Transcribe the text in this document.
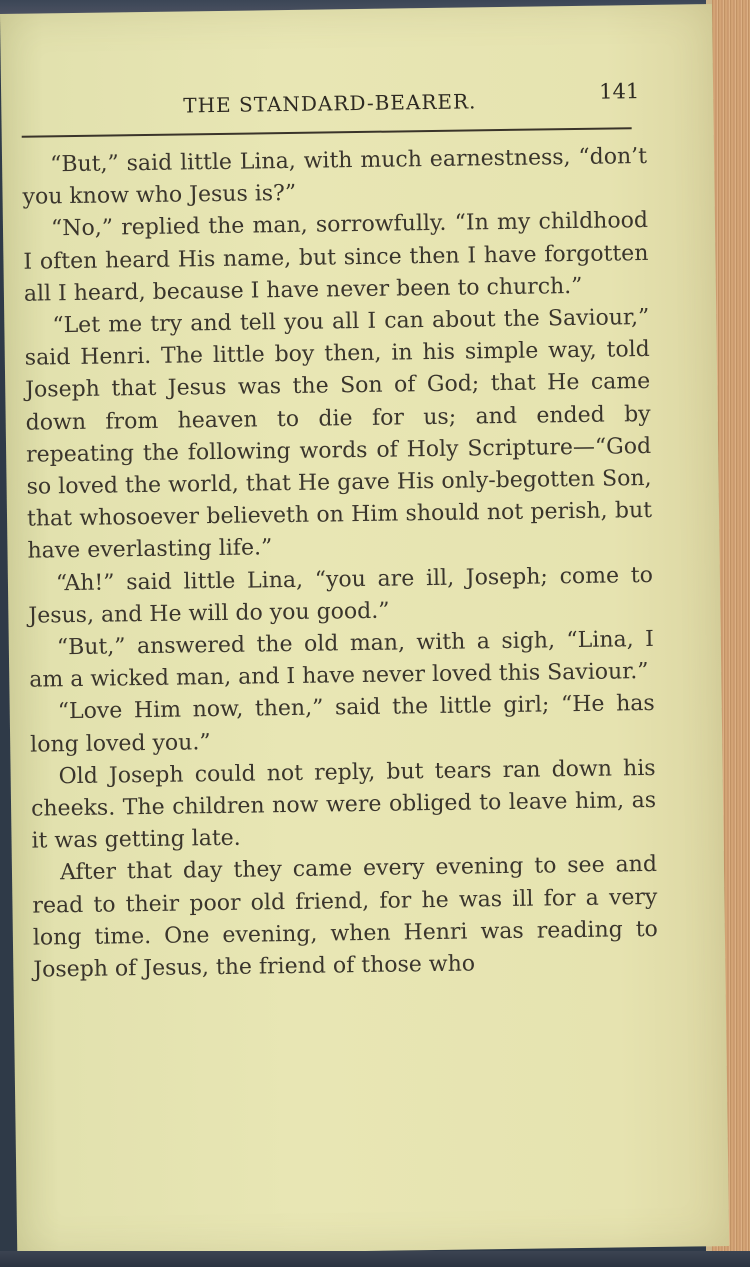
THE STANDARD-BEARER.	141

“But,” said little Lina, with much earnestness, “don’t you know who Jesus is?”

“No,” replied the man, sorrowfully. “In my childhood I often heard His name, but since then I have forgotten all I heard, because I have never been to church.”

“Let me try and tell you all I can about the Saviour,” said Henri. The little boy then, in his simple way, told Joseph that Jesus was the Son of God; that He came down from heaven to die for us; and ended by repeating the following words of Holy Scripture—“God so loved the world, that He gave His only-begotten Son, that whosoever believeth on Him should not perish, but have everlasting life.”

“Ah!” said little Lina, “you are ill, Joseph; come to Jesus, and He will do you good.”

“But,” answered the old man, with a sigh, “Lina, I am a wicked man, and I have never loved this Saviour.”

“Love Him now, then,” said the little girl; “He has long loved you.”

Old Joseph could not reply, but tears ran down his cheeks. The children now were obliged to leave him, as it was getting late.

After that day they came every evening to see and read to their poor old friend, for he was ill for a very long time. One evening, when Henri was reading to Joseph of Jesus, the friend of those who
